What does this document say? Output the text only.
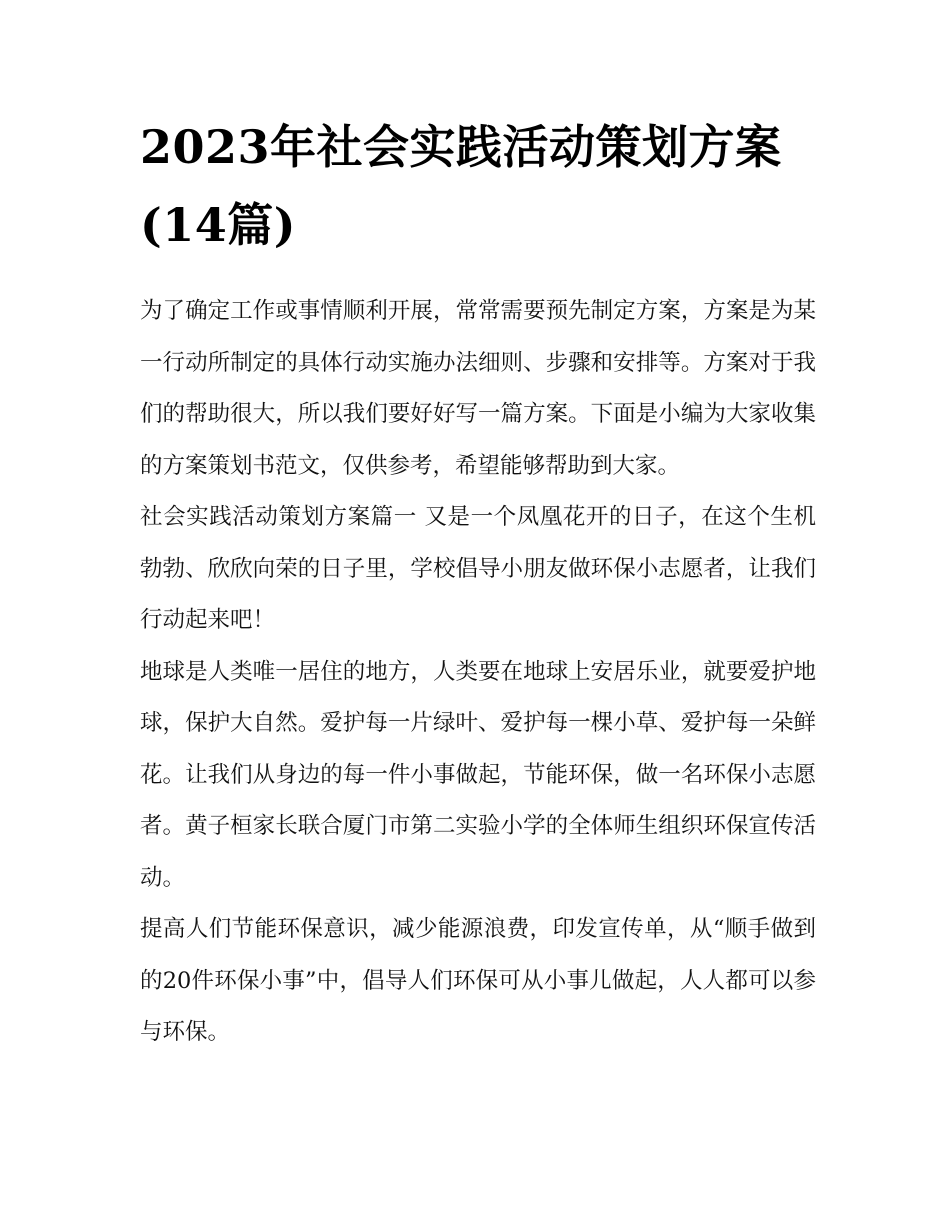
2023年社会实践活动策划方案(14篇)

为了确定工作或事情顺利开展，常常需要预先制定方案，方案是为某一行动所制定的具体行动实施办法细则、步骤和安排等。方案对于我们的帮助很大，所以我们要好好写一篇方案。下面是小编为大家收集的方案策划书范文，仅供参考，希望能够帮助到大家。

社会实践活动策划方案篇一 又是一个凤凰花开的日子，在这个生机勃勃、欣欣向荣的日子里，学校倡导小朋友做环保小志愿者，让我们行动起来吧！

地球是人类唯一居住的地方，人类要在地球上安居乐业，就要爱护地球，保护大自然。爱护每一片绿叶、爱护每一棵小草、爱护每一朵鲜花。让我们从身边的每一件小事做起，节能环保，做一名环保小志愿者。黄子桓家长联合厦门市第二实验小学的全体师生组织环保宣传活动。

提高人们节能环保意识，减少能源浪费，印发宣传单，从“顺手做到的20件环保小事”中，倡导人们环保可从小事儿做起，人人都可以参与环保。
